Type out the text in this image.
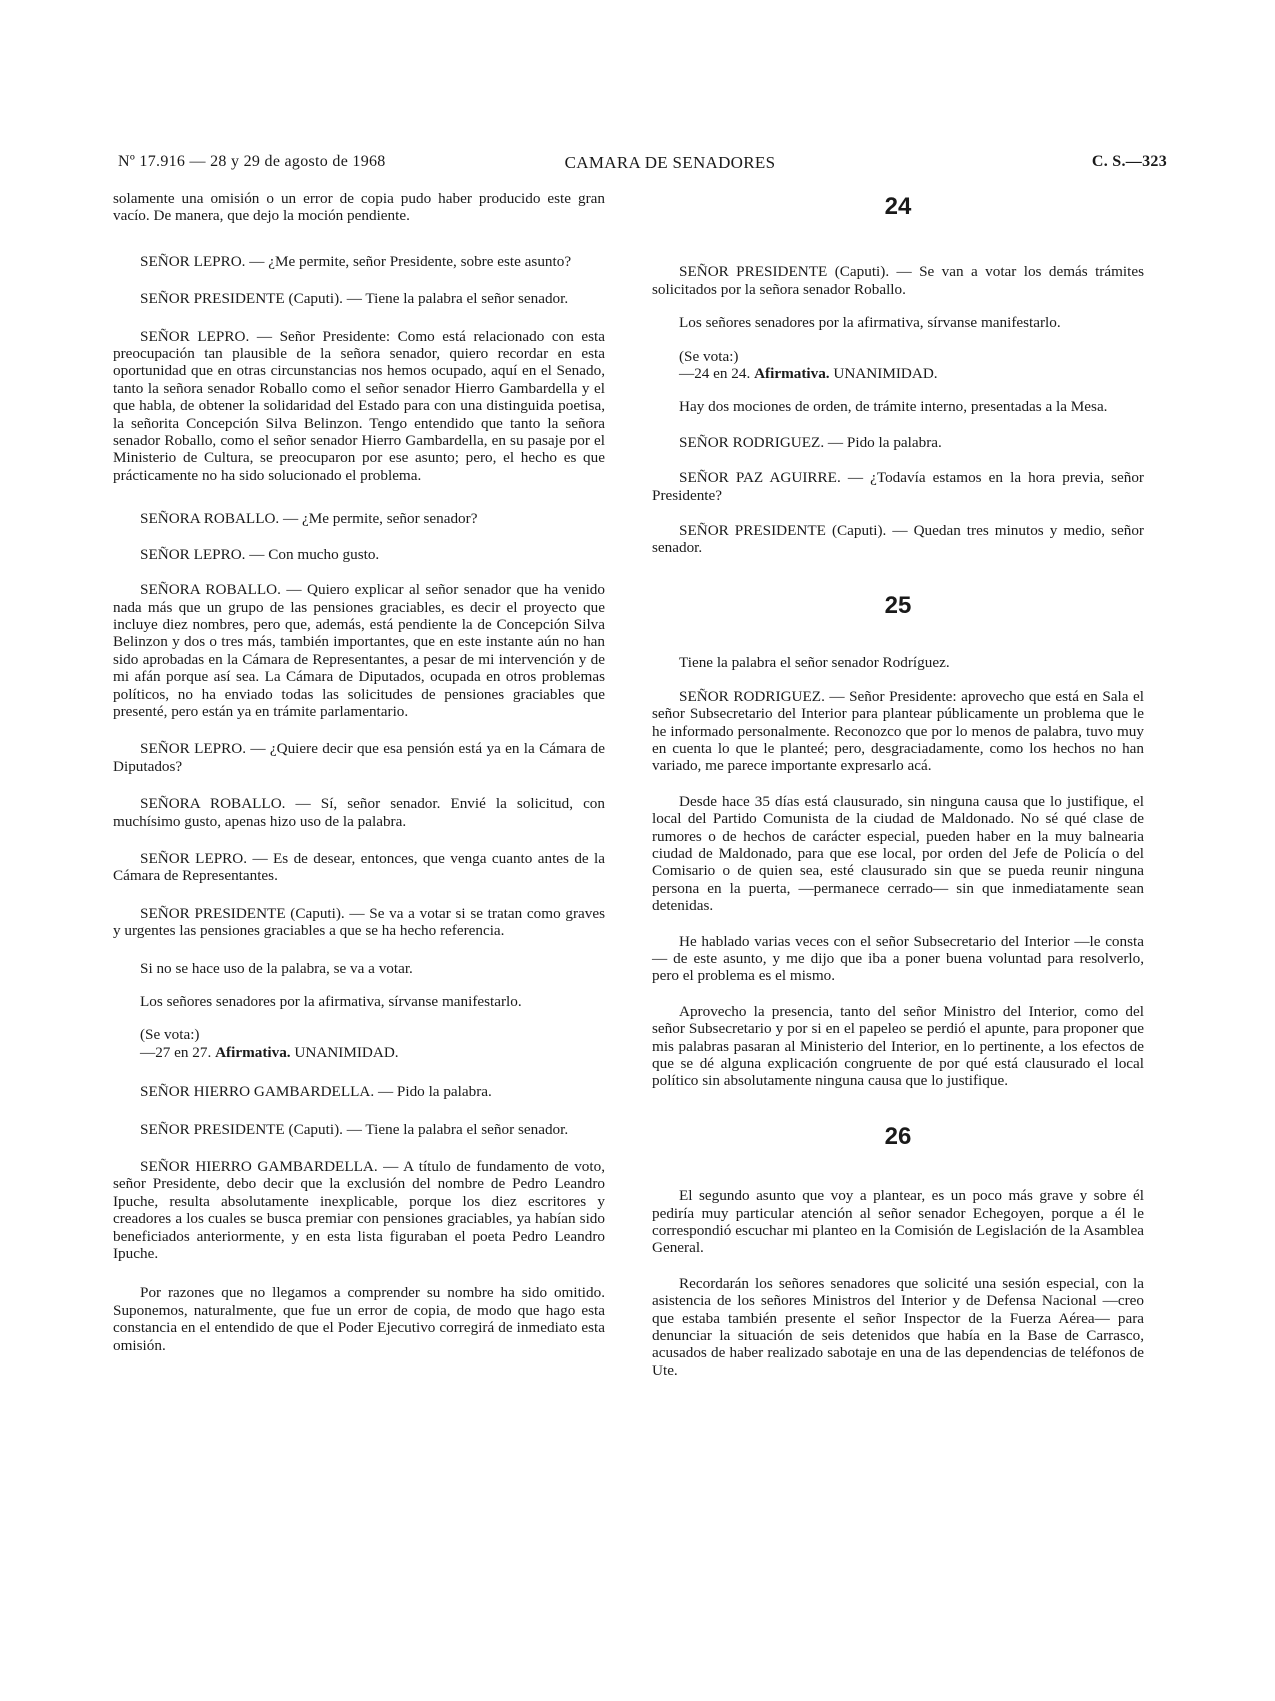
Nº 17.916 — 28 y 29 de agosto de 1968	CAMARA DE SENADORES	C. S.—323

solamente una omisión o un error de copia pudo haber producido este gran vacío. De manera, que dejo la moción pendiente.

SEÑOR LEPRO. — ¿Me permite, señor Presidente, sobre este asunto?

SEÑOR PRESIDENTE (Caputi). — Tiene la palabra el señor senador.

SEÑOR LEPRO. — Señor Presidente: Como está relacionado con esta preocupación tan plausible de la señora senador, quiero recordar en esta oportunidad que en otras circunstancias nos hemos ocupado, aquí en el Senado, tanto la señora senador Roballo como el señor senador Hierro Gambardella y el que habla, de obtener la solidaridad del Estado para con una distinguida poetisa, la señorita Concepción Silva Belinzon. Tengo entendido que tanto la señora senador Roballo, como el señor senador Hierro Gambardella, en su pasaje por el Ministerio de Cultura, se preocuparon por ese asunto; pero, el hecho es que prácticamente no ha sido solucionado el problema.

SEÑORA ROBALLO. — ¿Me permite, señor senador?

SEÑOR LEPRO. — Con mucho gusto.

SEÑORA ROBALLO. — Quiero explicar al señor senador que ha venido nada más que un grupo de las pensiones graciables, es decir el proyecto que incluye diez nombres, pero que, además, está pendiente la de Concepción Silva Belinzon y dos o tres más, también importantes, que en este instante aún no han sido aprobadas en la Cámara de Representantes, a pesar de mi intervención y de mi afán porque así sea. La Cámara de Diputados, ocupada en otros problemas políticos, no ha enviado todas las solicitudes de pensiones graciables que presenté, pero están ya en trámite parlamentario.

SEÑOR LEPRO. — ¿Quiere decir que esa pensión está ya en la Cámara de Diputados?

SEÑORA ROBALLO. — Sí, señor senador. Envié la solicitud, con muchísimo gusto, apenas hizo uso de la palabra.

SEÑOR LEPRO. — Es de desear, entonces, que venga cuanto antes de la Cámara de Representantes.

SEÑOR PRESIDENTE (Caputi). — Se va a votar si se tratan como graves y urgentes las pensiones graciables a que se ha hecho referencia.

Si no se hace uso de la palabra, se va a votar.

Los señores senadores por la afirmativa, sírvanse manifestarlo.

(Se vota:)
—27 en 27. Afirmativa. UNANIMIDAD.

SEÑOR HIERRO GAMBARDELLA. — Pido la palabra.

SEÑOR PRESIDENTE (Caputi). — Tiene la palabra el señor senador.

SEÑOR HIERRO GAMBARDELLA. — A título de fundamento de voto, señor Presidente, debo decir que la exclusión del nombre de Pedro Leandro Ipuche, resulta absolutamente inexplicable, porque los diez escritores y creadores a los cuales se busca premiar con pensiones graciables, ya habían sido beneficiados anteriormente, y en esta lista figuraban el poeta Pedro Leandro Ipuche.

Por razones que no llegamos a comprender su nombre ha sido omitido. Suponemos, naturalmente, que fue un error de copia, de modo que hago esta constancia en el entendido de que el Poder Ejecutivo corregirá de inmediato esta omisión.

24

SEÑOR PRESIDENTE (Caputi). — Se van a votar los demás trámites solicitados por la señora senador Roballo.

Los señores senadores por la afirmativa, sírvanse manifestarlo.

(Se vota:)
—24 en 24. Afirmativa. UNANIMIDAD.

Hay dos mociones de orden, de trámite interno, presentadas a la Mesa.

SEÑOR RODRIGUEZ. — Pido la palabra.

SEÑOR PAZ AGUIRRE. — ¿Todavía estamos en la hora previa, señor Presidente?

SEÑOR PRESIDENTE (Caputi). — Quedan tres minutos y medio, señor senador.

25

Tiene la palabra el señor senador Rodríguez.

SEÑOR RODRIGUEZ. — Señor Presidente: aprovecho que está en Sala el señor Subsecretario del Interior para plantear públicamente un problema que le he informado personalmente. Reconozco que por lo menos de palabra, tuvo muy en cuenta lo que le planteé; pero, desgraciadamente, como los hechos no han variado, me parece importante expresarlo acá.

Desde hace 35 días está clausurado, sin ninguna causa que lo justifique, el local del Partido Comunista de la ciudad de Maldonado. No sé qué clase de rumores o de hechos de carácter especial, pueden haber en la muy balnearia ciudad de Maldonado, para que ese local, por orden del Jefe de Policía o del Comisario o de quien sea, esté clausurado sin que se pueda reunir ninguna persona en la puerta, —permanece cerrado— sin que inmediatamente sean detenidas.

He hablado varias veces con el señor Subsecretario del Interior —le consta— de este asunto, y me dijo que iba a poner buena voluntad para resolverlo, pero el problema es el mismo.

Aprovecho la presencia, tanto del señor Ministro del Interior, como del señor Subsecretario y por si en el papeleo se perdió el apunte, para proponer que mis palabras pasaran al Ministerio del Interior, en lo pertinente, a los efectos de que se dé alguna explicación congruente de por qué está clausurado el local político sin absolutamente ninguna causa que lo justifique.

26

El segundo asunto que voy a plantear, es un poco más grave y sobre él pediría muy particular atención al señor senador Echegoyen, porque a él le correspondió escuchar mi planteo en la Comisión de Legislación de la Asamblea General.

Recordarán los señores senadores que solicité una sesión especial, con la asistencia de los señores Ministros del Interior y de Defensa Nacional —creo que estaba también presente el señor Inspector de la Fuerza Aérea— para denunciar la situación de seis detenidos que había en la Base de Carrasco, acusados de haber realizado sabotaje en una de las dependencias de teléfonos de Ute.
